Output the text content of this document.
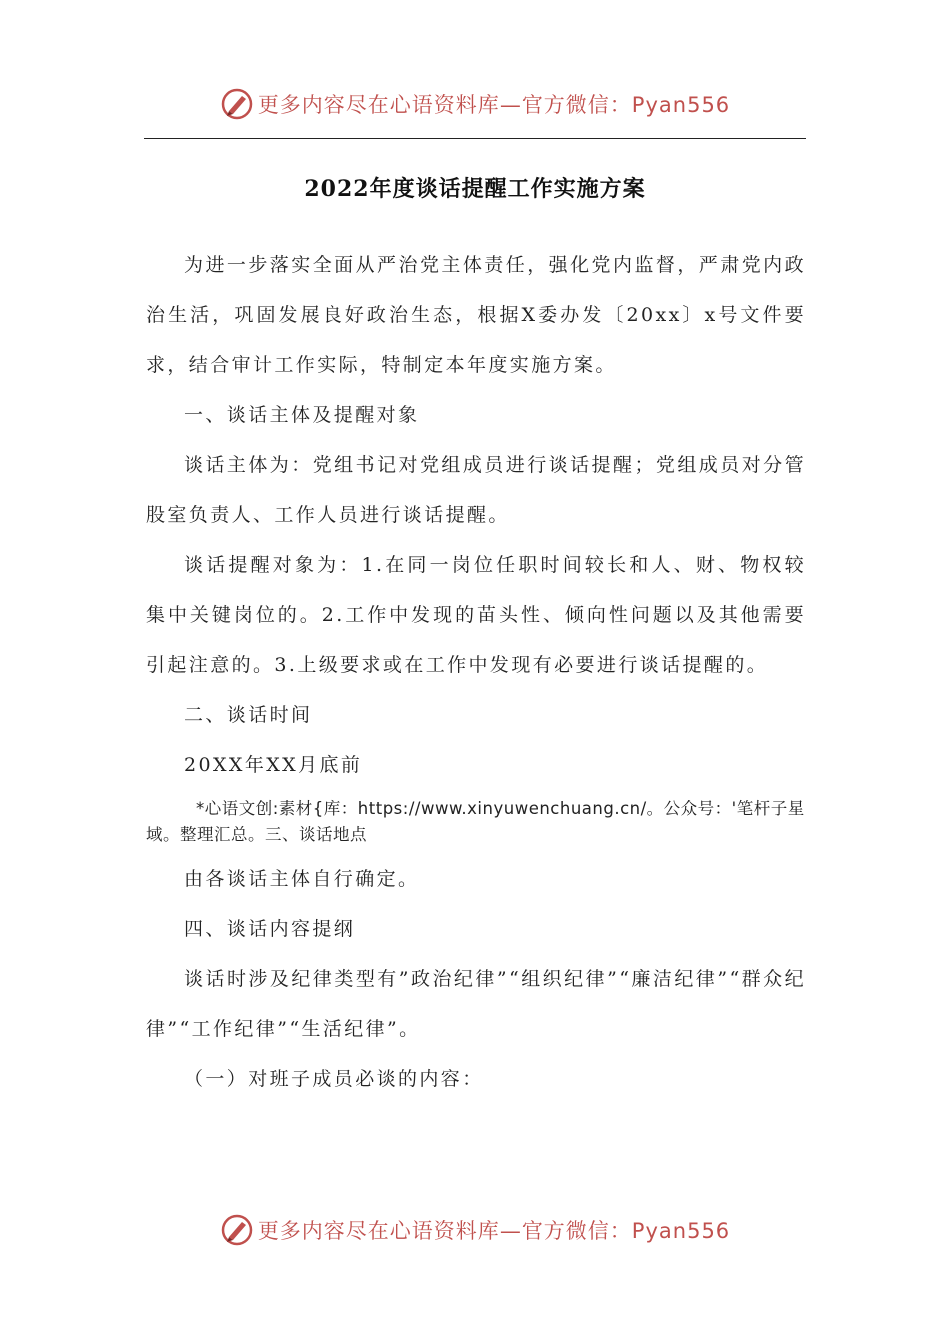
更多内容尽在心语资料库—官方微信：Pyan556
2022年度谈话提醒工作实施方案

为进一步落实全面从严治党主体责任，强化党内监督，严肃党内政治生活，巩固发展良好政治生态，根据X委办发〔20xx〕x号文件要求，结合审计工作实际，特制定本年度实施方案。

一、谈话主体及提醒对象

谈话主体为：党组书记对党组成员进行谈话提醒；党组成员对分管股室负责人、工作人员进行谈话提醒。

谈话提醒对象为：1.在同一岗位任职时间较长和人、财、物权较集中关键岗位的。2.工作中发现的苗头性、倾向性问题以及其他需要引起注意的。3.上级要求或在工作中发现有必要进行谈话提醒的。

二、谈话时间

20XX年XX月底前

*心语文创:素材{库：https://www.xinyuwenchuang.cn/。公众号：'笔杆子星域。整理汇总。三、谈话地点

由各谈话主体自行确定。

四、谈话内容提纲

谈话时涉及纪律类型有”政治纪律”“组织纪律”“廉洁纪律”“群众纪律”“工作纪律”“生活纪律”。

（一）对班子成员必谈的内容：

更多内容尽在心语资料库—官方微信：Pyan556
